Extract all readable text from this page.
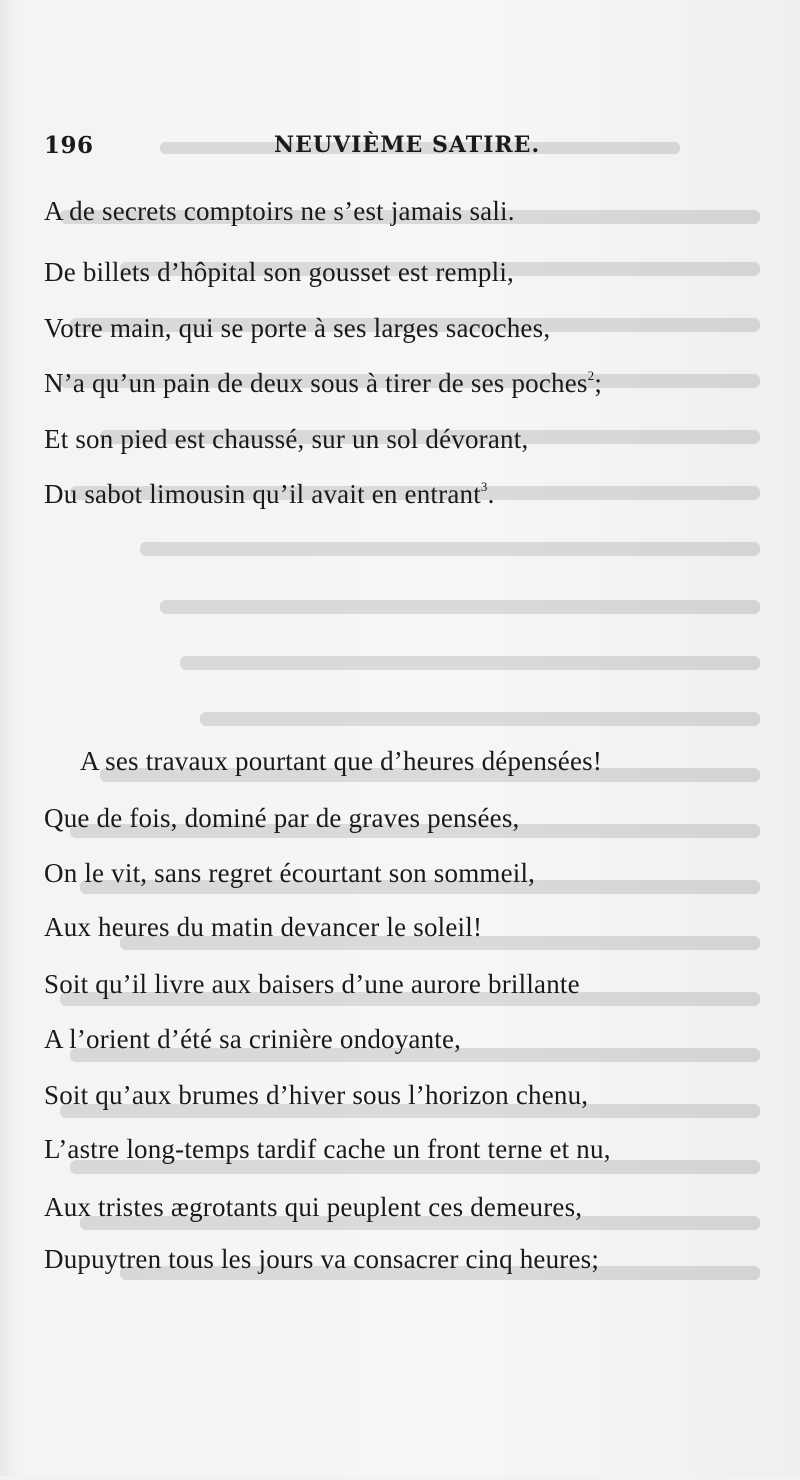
196	NEUVIÈME SATIRE.
A de secrets comptoirs ne s’est jamais sali.
De billets d’hôpital son gousset est rempli,
Votre main, qui se porte à ses larges sacoches,
N’a qu’un pain de deux sous à tirer de ses poches$^2$;
Et son pied est chaussé, sur un sol dévorant,
Du sabot limousin qu’il avait en entrant$^3$.
A ses travaux pourtant que d’heures dépensées!
Que de fois, dominé par de graves pensées,
On le vit, sans regret écourtant son sommeil,
Aux heures du matin devancer le soleil!
Soit qu’il livre aux baisers d’une aurore brillante
A l’orient d’été sa crinière ondoyante,
Soit qu’aux brumes d’hiver sous l’horizon chenu,
L’astre long-temps tardif cache un front terne et nu,
Aux tristes ægrotants qui peuplent ces demeures,
Dupuytren tous les jours va consacrer cinq heures;
